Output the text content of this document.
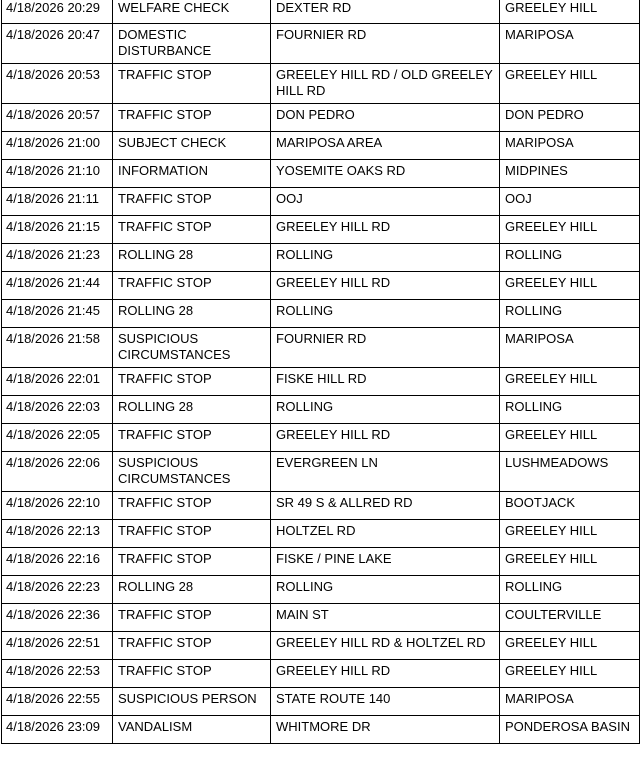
4/18/2026 20:29	WELFARE CHECK	DEXTER RD	GREELEY HILL
4/18/2026 20:47	DOMESTIC DISTURBANCE	FOURNIER RD	MARIPOSA
4/18/2026 20:53	TRAFFIC STOP	GREELEY HILL RD / OLD GREELEY HILL RD	GREELEY HILL
4/18/2026 20:57	TRAFFIC STOP	DON PEDRO	DON PEDRO
4/18/2026 21:00	SUBJECT CHECK	MARIPOSA AREA	MARIPOSA
4/18/2026 21:10	INFORMATION	YOSEMITE OAKS RD	MIDPINES
4/18/2026 21:11	TRAFFIC STOP	OOJ	OOJ
4/18/2026 21:15	TRAFFIC STOP	GREELEY HILL RD	GREELEY HILL
4/18/2026 21:23	ROLLING 28	ROLLING	ROLLING
4/18/2026 21:44	TRAFFIC STOP	GREELEY HILL RD	GREELEY HILL
4/18/2026 21:45	ROLLING 28	ROLLING	ROLLING
4/18/2026 21:58	SUSPICIOUS CIRCUMSTANCES	FOURNIER RD	MARIPOSA
4/18/2026 22:01	TRAFFIC STOP	FISKE HILL RD	GREELEY HILL
4/18/2026 22:03	ROLLING 28	ROLLING	ROLLING
4/18/2026 22:05	TRAFFIC STOP	GREELEY HILL RD	GREELEY HILL
4/18/2026 22:06	SUSPICIOUS CIRCUMSTANCES	EVERGREEN LN	LUSHMEADOWS
4/18/2026 22:10	TRAFFIC STOP	SR 49 S & ALLRED RD	BOOTJACK
4/18/2026 22:13	TRAFFIC STOP	HOLTZEL RD	GREELEY HILL
4/18/2026 22:16	TRAFFIC STOP	FISKE / PINE LAKE	GREELEY HILL
4/18/2026 22:23	ROLLING 28	ROLLING	ROLLING
4/18/2026 22:36	TRAFFIC STOP	MAIN ST	COULTERVILLE
4/18/2026 22:51	TRAFFIC STOP	GREELEY HILL RD & HOLTZEL RD	GREELEY HILL
4/18/2026 22:53	TRAFFIC STOP	GREELEY HILL RD	GREELEY HILL
4/18/2026 22:55	SUSPICIOUS PERSON	STATE ROUTE 140	MARIPOSA
4/18/2026 23:09	VANDALISM	WHITMORE DR	PONDEROSA BASIN
